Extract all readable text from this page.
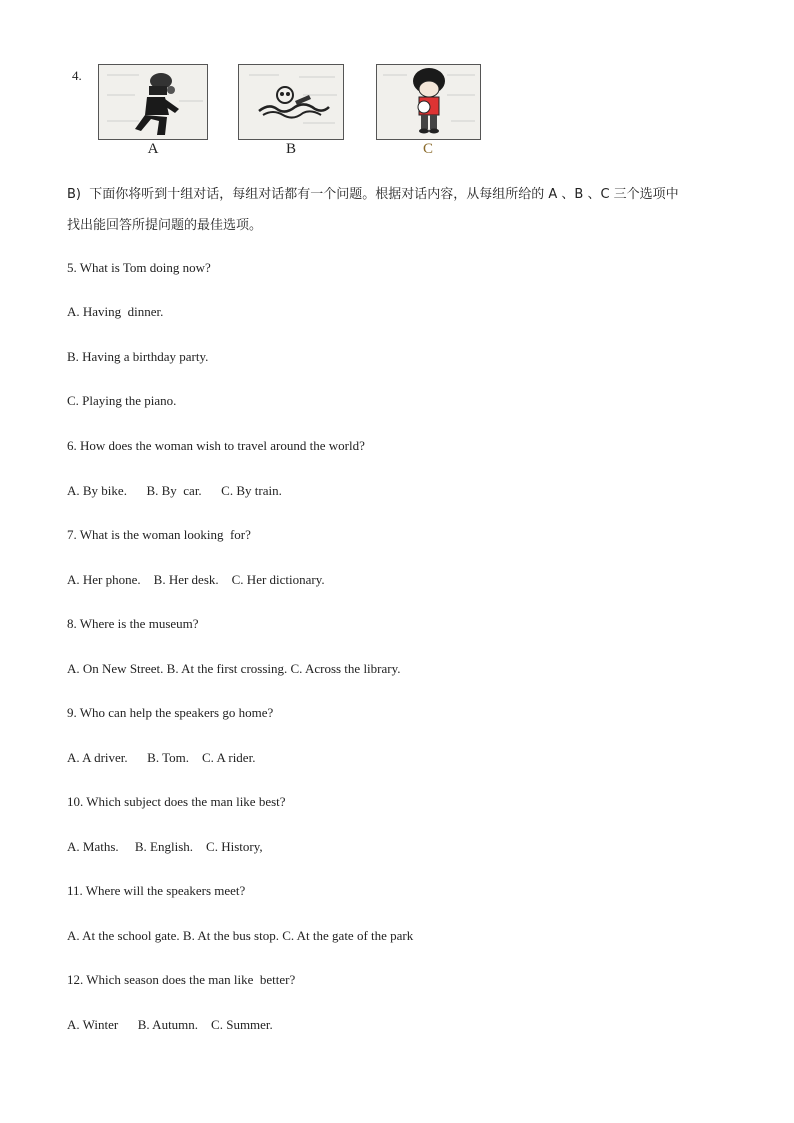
4.
A	B	C
B)  下面你将听到十组对话，每组对话都有一个问题。根据对话内容，从每组所给的 A 、B 、C 三个选项中
找出能回答所提问题的最佳选项。
5. What is Tom doing now?
A. Having  dinner.
B. Having a birthday party.
C. Playing the piano.
6. How does the woman wish to travel around the world?
A. By bike.      B. By  car.      C. By train.
7. What is the woman looking  for?
A. Her phone.    B. Her desk.    C. Her dictionary.
8. Where is the museum?
A. On New Street. B. At the first crossing. C. Across the library.
9. Who can help the speakers go home?
A. A driver.      B. Tom.    C. A rider.
10. Which subject does the man like best?
A. Maths.     B. English.    C. History,
11. Where will the speakers meet?
A. At the school gate. B. At the bus stop. C. At the gate of the park
12. Which season does the man like  better?
A. Winter      B. Autumn.    C. Summer.
